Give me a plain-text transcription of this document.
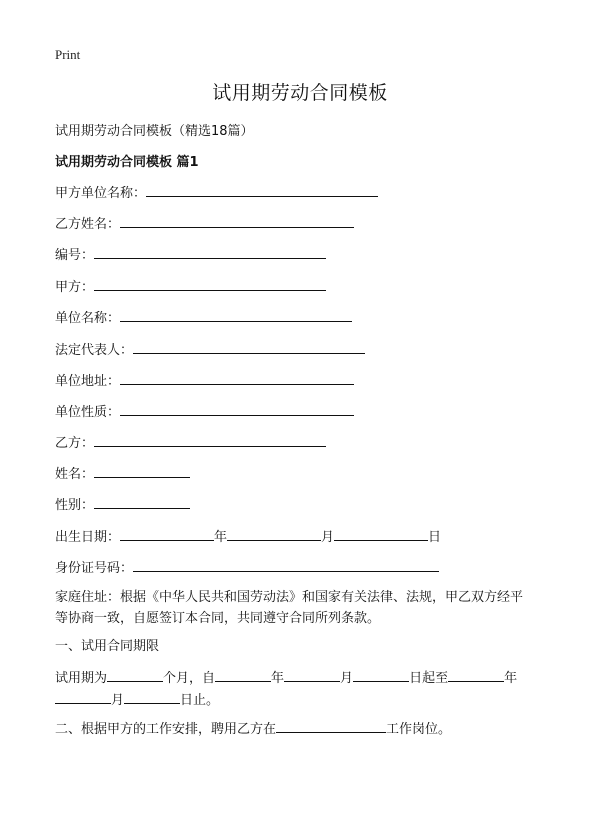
Print
试用期劳动合同模板
试用期劳动合同模板（精选18篇）
试用期劳动合同模板 篇1
甲方单位名称：
乙方姓名：
编号：
甲方：
单位名称：
法定代表人：
单位地址：
单位性质：
乙方：
姓名：
性别：
出生日期：	年	月	日
身份证号码：
家庭住址：根据《中华人民共和国劳动法》和国家有关法律、法规，甲乙双方经平
等协商一致，自愿签订本合同，共同遵守合同所列条款。
一、试用合同期限
试用期为	个月，自	年	月	日起至	年
月	日止。
二、根据甲方的工作安排，聘用乙方在	工作岗位。
